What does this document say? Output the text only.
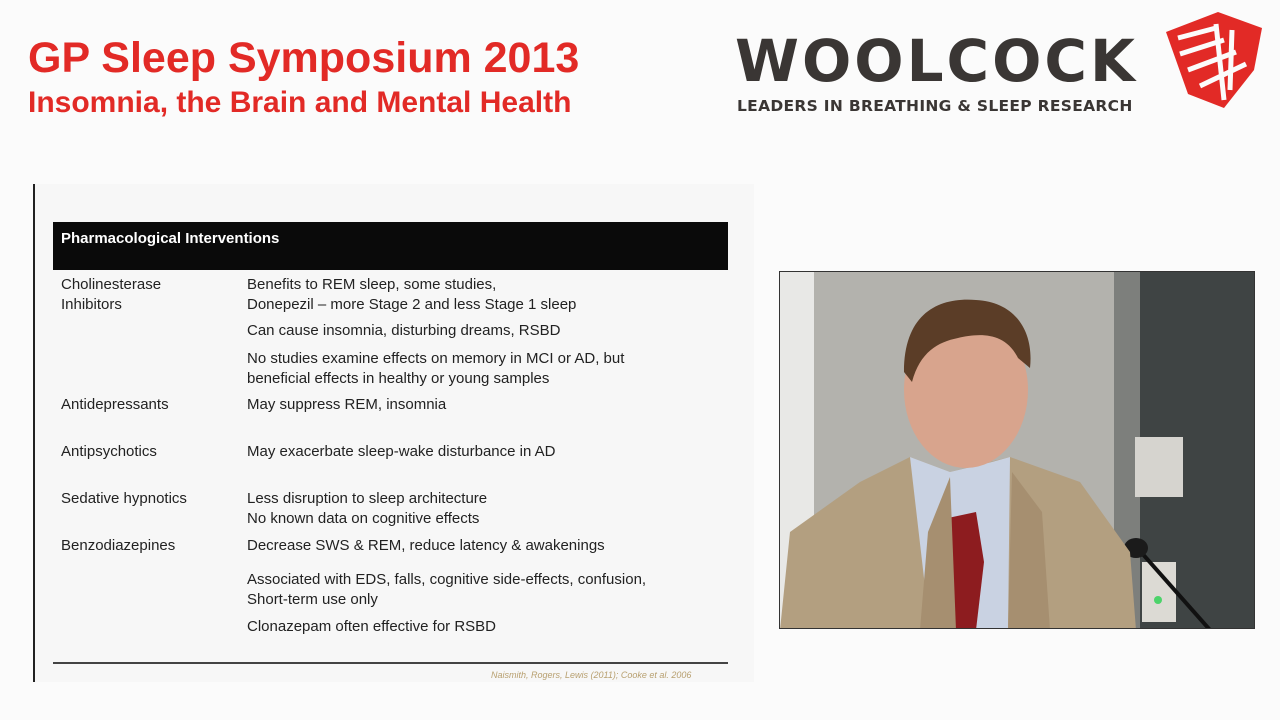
GP Sleep Symposium 2013
Insomnia, the Brain and Mental Health
WOOLCOCK
LEADERS IN BREATHING & SLEEP RESEARCH
Pharmacological Interventions
Cholinesterase	Benefits to REM sleep, some studies,
Inhibitors	Donepezil – more Stage 2 and less Stage 1 sleep
Can cause insomnia, disturbing dreams, RSBD
No studies examine effects on memory in MCI or AD, but
beneficial effects in healthy or young samples
Antidepressants	May suppress REM, insomnia
Antipsychotics	May exacerbate sleep-wake disturbance in AD
Sedative hypnotics	Less disruption to sleep architecture
No known data on cognitive effects
Benzodiazepines	Decrease SWS & REM, reduce latency & awakenings
Associated with EDS, falls, cognitive side-effects, confusion,
Short-term use only
Clonazepam often effective for RSBD
Naismith, Rogers, Lewis (2011); Cooke et al. 2006
